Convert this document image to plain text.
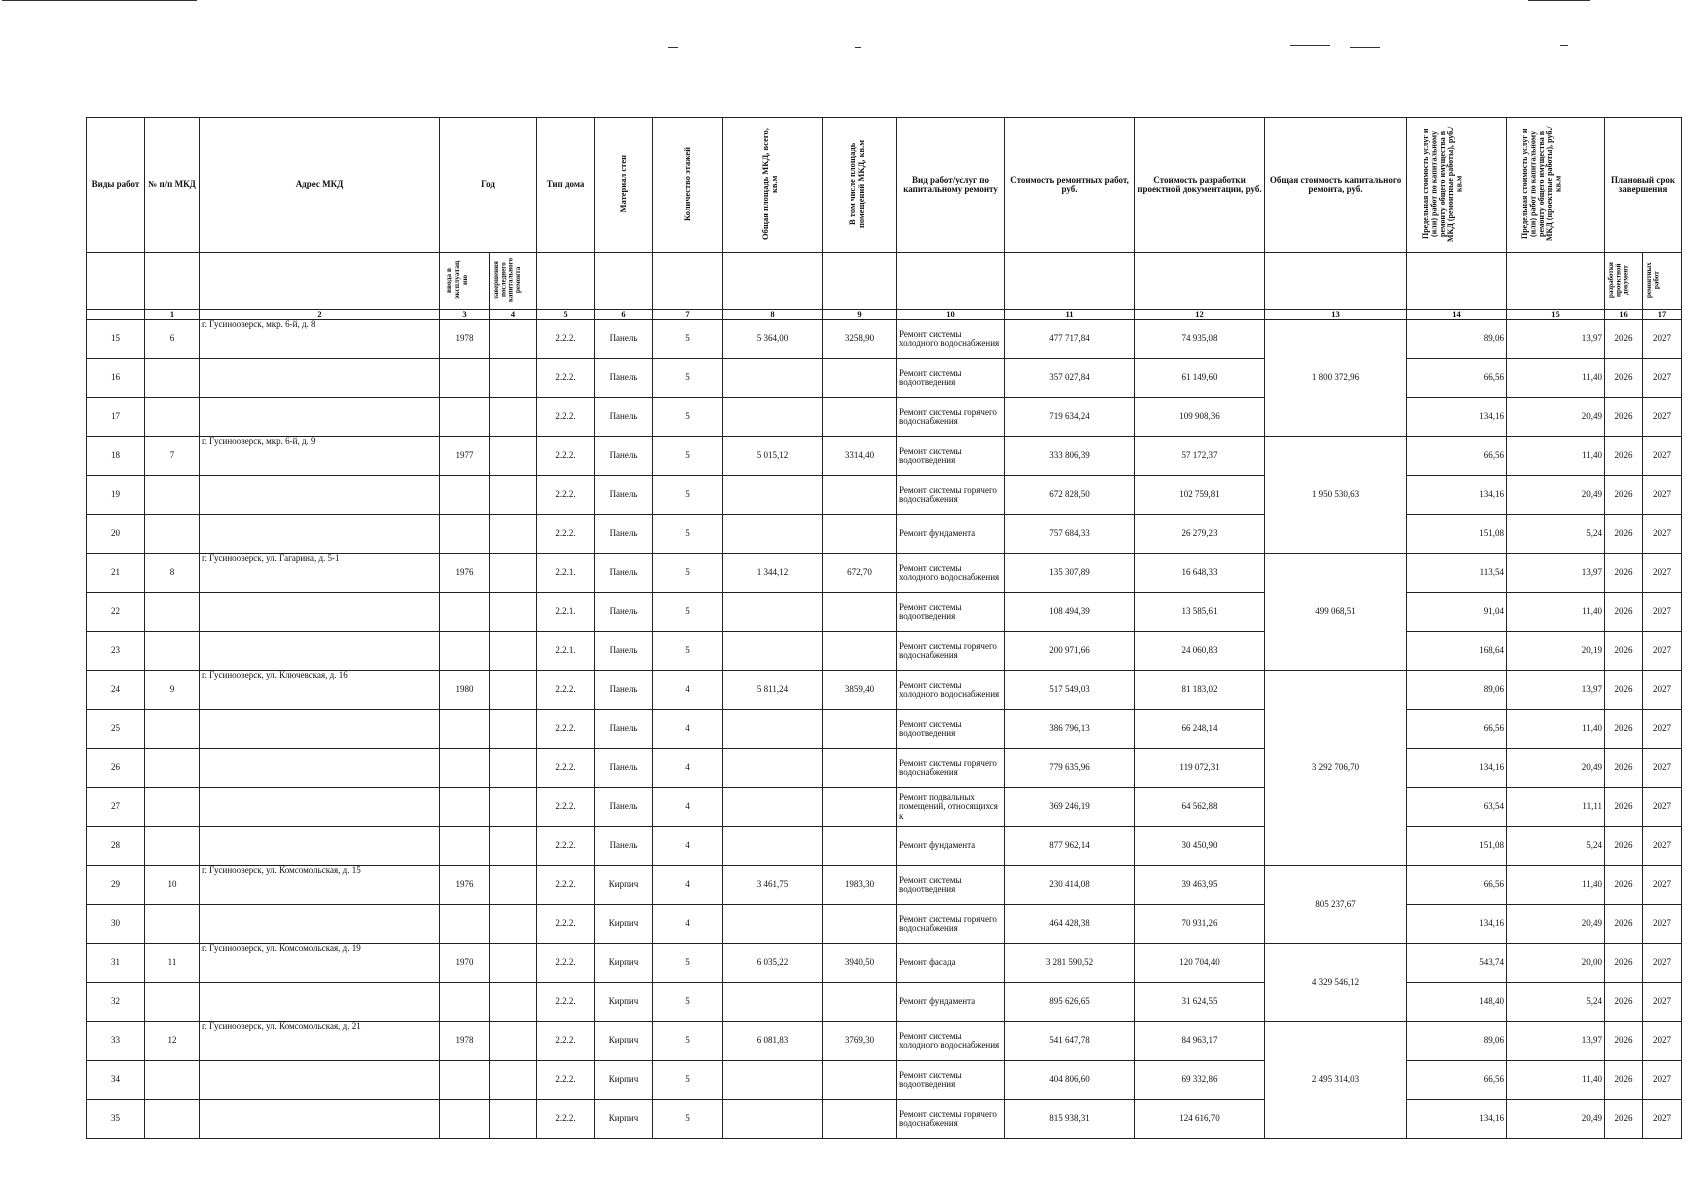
Виды работ	№ п/п МКД	Адрес МКД	Год		Тип дома	Материал стен	Количество этажей	Общая площадь МКД, всего, кв.м	В том числе площадь помещений МКД, кв.м	Вид работ/услуг по капитальному ремонту	Стоимость ремонтных работ, руб.	Стоимость разработки проектной документации, руб.	Общая стоимость капитального ремонта, руб.	Предельная стоимость услуг и (или) работ по капитальному ремонту общего имущества в МКД (ремонтные работы), руб./кв.м	Предельная стоимость услуг и (или) работ по капитальному ремонту общего имущества в МКД (проектные работы), руб./кв.м	Плановый срок завершения	
			ввода в эксплуатац ию	завершения последнего капитального ремонта												разработки проектной документ	ремонтных работ
	1	2	3	4	5	6	7	8	9	10	11	12	13	14	15	16	17
15	6	г. Гусиноозерск, мкр. 6-й, д. 8	1978		2.2.2.	Панель	5	5 364,00	3258,90	Ремонт системы холодного водоснабжения	477 717,84	74 935,08	1 800 372,96	89,06	13,97	2026	2027
16					2.2.2.	Панель	5			Ремонт системы водоотведения	357 027,84	61 149,60		66,56	11,40	2026	2027
17					2.2.2.	Панель	5			Ремонт системы горячего водоснабжения	719 634,24	109 908,36		134,16	20,49	2026	2027
18	7	г. Гусиноозерск, мкр. 6-й, д. 9	1977		2.2.2.	Панель	5	5 015,12	3314,40	Ремонт системы водоотведения	333 806,39	57 172,37	1 950 530,63	66,56	11,40	2026	2027
19					2.2.2.	Панель	5			Ремонт системы горячего водоснабжения	672 828,50	102 759,81		134,16	20,49	2026	2027
20					2.2.2.	Панель	5			Ремонт фундамента	757 684,33	26 279,23		151,08	5,24	2026	2027
21	8	г. Гусиноозерск, ул. Гагарина, д. 5-1	1976		2.2.1.	Панель	5	1 344,12	672,70	Ремонт системы холодного водоснабжения	135 307,89	16 648,33	499 068,51	113,54	13,97	2026	2027
22					2.2.1.	Панель	5			Ремонт системы водоотведения	108 494,39	13 585,61		91,04	11,40	2026	2027
23					2.2.1.	Панель	5			Ремонт системы горячего водоснабжения	200 971,66	24 060,83		168,64	20,19	2026	2027
24	9	г. Гусиноозерск, ул. Ключевская, д. 16	1980		2.2.2.	Панель	4	5 811,24	3859,40	Ремонт системы холодного водоснабжения	517 549,03	81 183,02	3 292 706,70	89,06	13,97	2026	2027
25					2.2.2.	Панель	4			Ремонт системы водоотведения	386 796,13	66 248,14		66,56	11,40	2026	2027
26					2.2.2.	Панель	4			Ремонт системы горячего водоснабжения	779 635,96	119 072,31		134,16	20,49	2026	2027
27					2.2.2.	Панель	4			Ремонт подвальных помещений, относящихся к	369 246,19	64 562,88		63,54	11,11	2026	2027
28					2.2.2.	Панель	4			Ремонт фундамента	877 962,14	30 450,90		151,08	5,24	2026	2027
29	10	г. Гусиноозерск, ул. Комсомольская, д. 15	1976		2.2.2.	Кирпич	4	3 461,75	1983,30	Ремонт системы водоотведения	230 414,08	39 463,95	805 237,67	66,56	11,40	2026	2027
30					2.2.2.	Кирпич	4			Ремонт системы горячего водоснабжения	464 428,38	70 931,26		134,16	20,49	2026	2027
31	11	г. Гусиноозерск, ул. Комсомольская, д. 19	1970		2.2.2.	Кирпич	5	6 035,22	3940,50	Ремонт фасада	3 281 590,52	120 704,40	4 329 546,12	543,74	20,00	2026	2027
32					2.2.2.	Кирпич	5			Ремонт фундамента	895 626,65	31 624,55		148,40	5,24	2026	2027
33	12	г. Гусиноозерск, ул. Комсомольская, д. 21	1978		2.2.2.	Кирпич	5	6 081,83	3769,30	Ремонт системы холодного водоснабжения	541 647,78	84 963,17	2 495 314,03	89,06	13,97	2026	2027
34					2.2.2.	Кирпич	5			Ремонт системы водоотведения	404 806,60	69 332,86		66,56	11,40	2026	2027
35					2.2.2.	Кирпич	5			Ремонт системы горячего водоснабжения	815 938,31	124 616,70		134,16	20,49	2026	2027
